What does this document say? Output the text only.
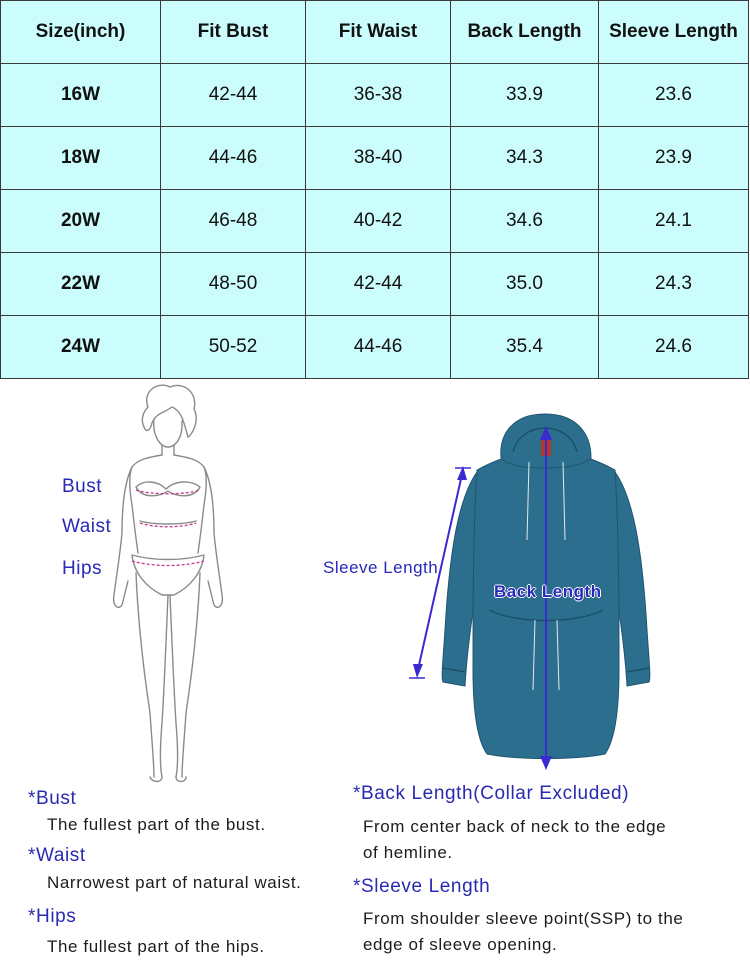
Size(inch)	Fit Bust	Fit Waist	Back Length	Sleeve Length
16W	42-44	36-38	33.9	23.6
18W	44-46	38-40	34.3	23.9
20W	46-48	40-42	34.6	24.1
22W	48-50	42-44	35.0	24.3
24W	50-52	44-46	35.4	24.6
Bust
Waist
Hips	Sleeve Length
Back Length
*Bust
The fullest part of the bust.
*Waist
Narrowest part of natural waist.
*Hips
The fullest part of the hips.
*Back Length(Collar Excluded)
From center back of neck to the edge
of hemline.
*Sleeve Length
From shoulder sleeve point(SSP) to the
edge of sleeve opening.
